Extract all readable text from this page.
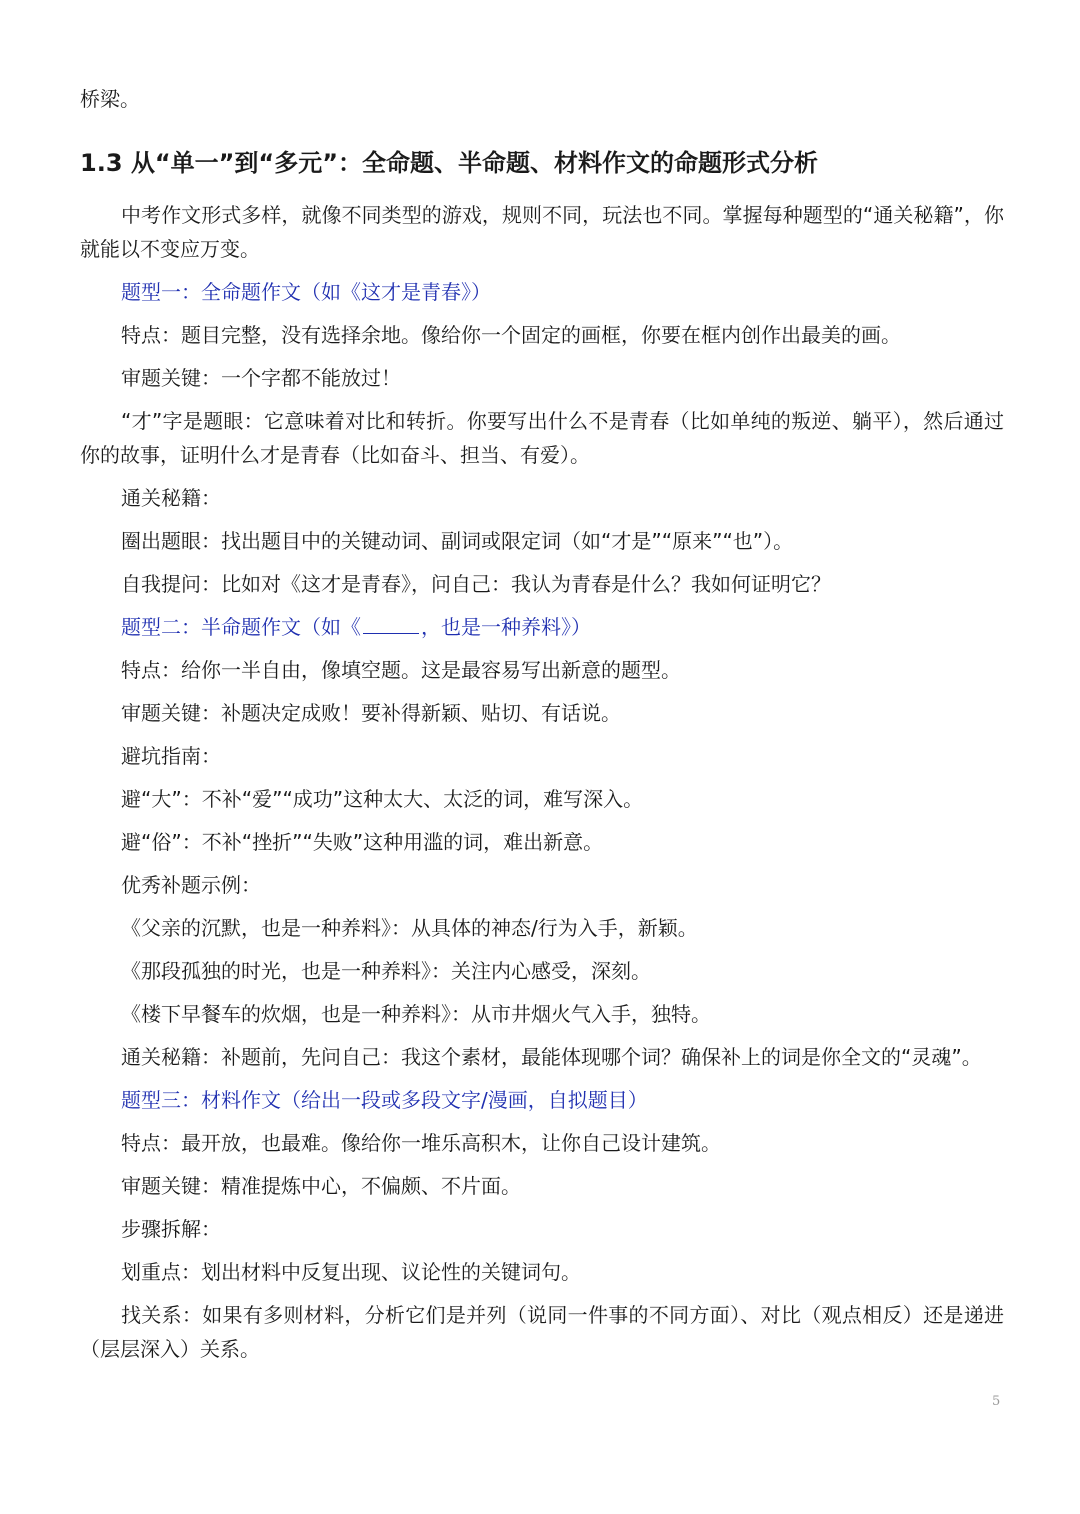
桥梁。

1.3 从“单一”到“多元”：全命题、半命题、材料作文的命题形式分析

中考作文形式多样，就像不同类型的游戏，规则不同，玩法也不同。掌握每种题型的“通关秘籍”，你就能以不变应万变。

题型一：全命题作文（如《这才是青春》）

特点：题目完整，没有选择余地。像给你一个固定的画框，你要在框内创作出最美的画。

审题关键：一个字都不能放过！

“才”字是题眼：它意味着对比和转折。你要写出什么不是青春（比如单纯的叛逆、躺平），然后通过你的故事，证明什么才是青春（比如奋斗、担当、有爱）。

通关秘籍：

圈出题眼：找出题目中的关键动词、副词或限定词（如“才是”“原来”“也”）。

自我提问：比如对《这才是青春》，问自己：我认为青春是什么？我如何证明它？

题型二：半命题作文（如《	，也是一种养料》）

特点：给你一半自由，像填空题。这是最容易写出新意的题型。

审题关键：补题决定成败！要补得新颖、贴切、有话说。

避坑指南：

避“大”：不补“爱”“成功”这种太大、太泛的词，难写深入。

避“俗”：不补“挫折”“失败”这种用滥的词，难出新意。

优秀补题示例：

《父亲的沉默，也是一种养料》：从具体的神态/行为入手，新颖。

《那段孤独的时光，也是一种养料》：关注内心感受，深刻。

《楼下早餐车的炊烟，也是一种养料》：从市井烟火气入手，独特。

通关秘籍：补题前，先问自己：我这个素材，最能体现哪个词？确保补上的词是你全文的“灵魂”。

题型三：材料作文（给出一段或多段文字/漫画，自拟题目）

特点：最开放，也最难。像给你一堆乐高积木，让你自己设计建筑。

审题关键：精准提炼中心，不偏颇、不片面。

步骤拆解：

划重点：划出材料中反复出现、议论性的关键词句。

找关系：如果有多则材料，分析它们是并列（说同一件事的不同方面）、对比（观点相反）还是递进（层层深入）关系。

5
